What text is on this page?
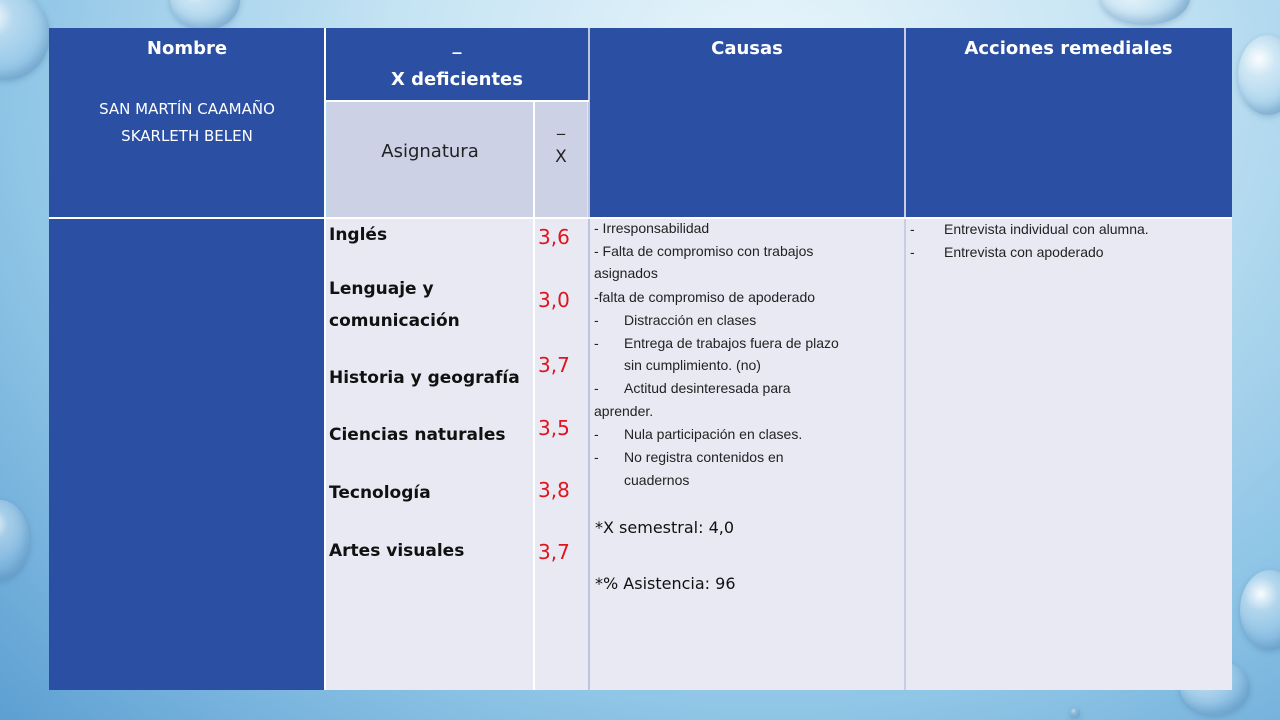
Nombre
SAN MARTÍN CAAMAÑO
SKARLETH BELEN
_
X deficientes
Causas	Acciones remediales
Asignatura
_
X
Inglés
Lenguaje y
comunicación
Historia y geografía
Ciencias naturales
Tecnología
Artes visuales
3,6
3,0
3,7
3,5
3,8
3,7
- Irresponsabilidad
- Falta de compromiso con trabajos
asignados
-falta de compromiso de apoderado
- Distracción en clases
- Entrega de trabajos fuera de plazo
sin cumplimiento. (no)
- Actitud desinteresada para
aprender.
- Nula participación en clases.
- No registra contenidos en
cuadernos
*X semestral: 4,0
*% Asistencia: 96
- Entrevista individual con alumna.
- Entrevista con apoderado
